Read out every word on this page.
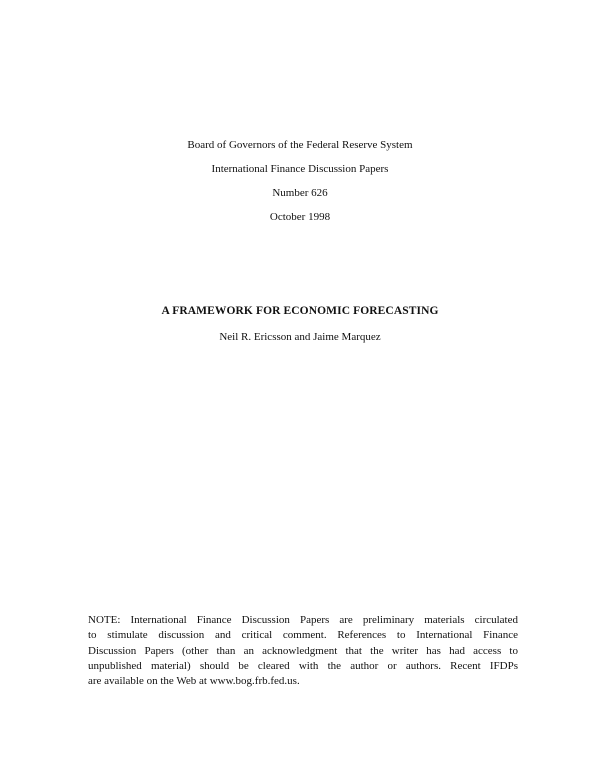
Board of Governors of the Federal Reserve System
International Finance Discussion Papers
Number 626
October 1998
A FRAMEWORK FOR ECONOMIC FORECASTING
Neil R. Ericsson and Jaime Marquez
NOTE: International Finance Discussion Papers are preliminary materials circulated
to stimulate discussion and critical comment. References to International Finance
Discussion Papers (other than an acknowledgment that the writer has had access to
unpublished material) should be cleared with the author or authors. Recent IFDPs
are available on the Web at www.bog.frb.fed.us.
